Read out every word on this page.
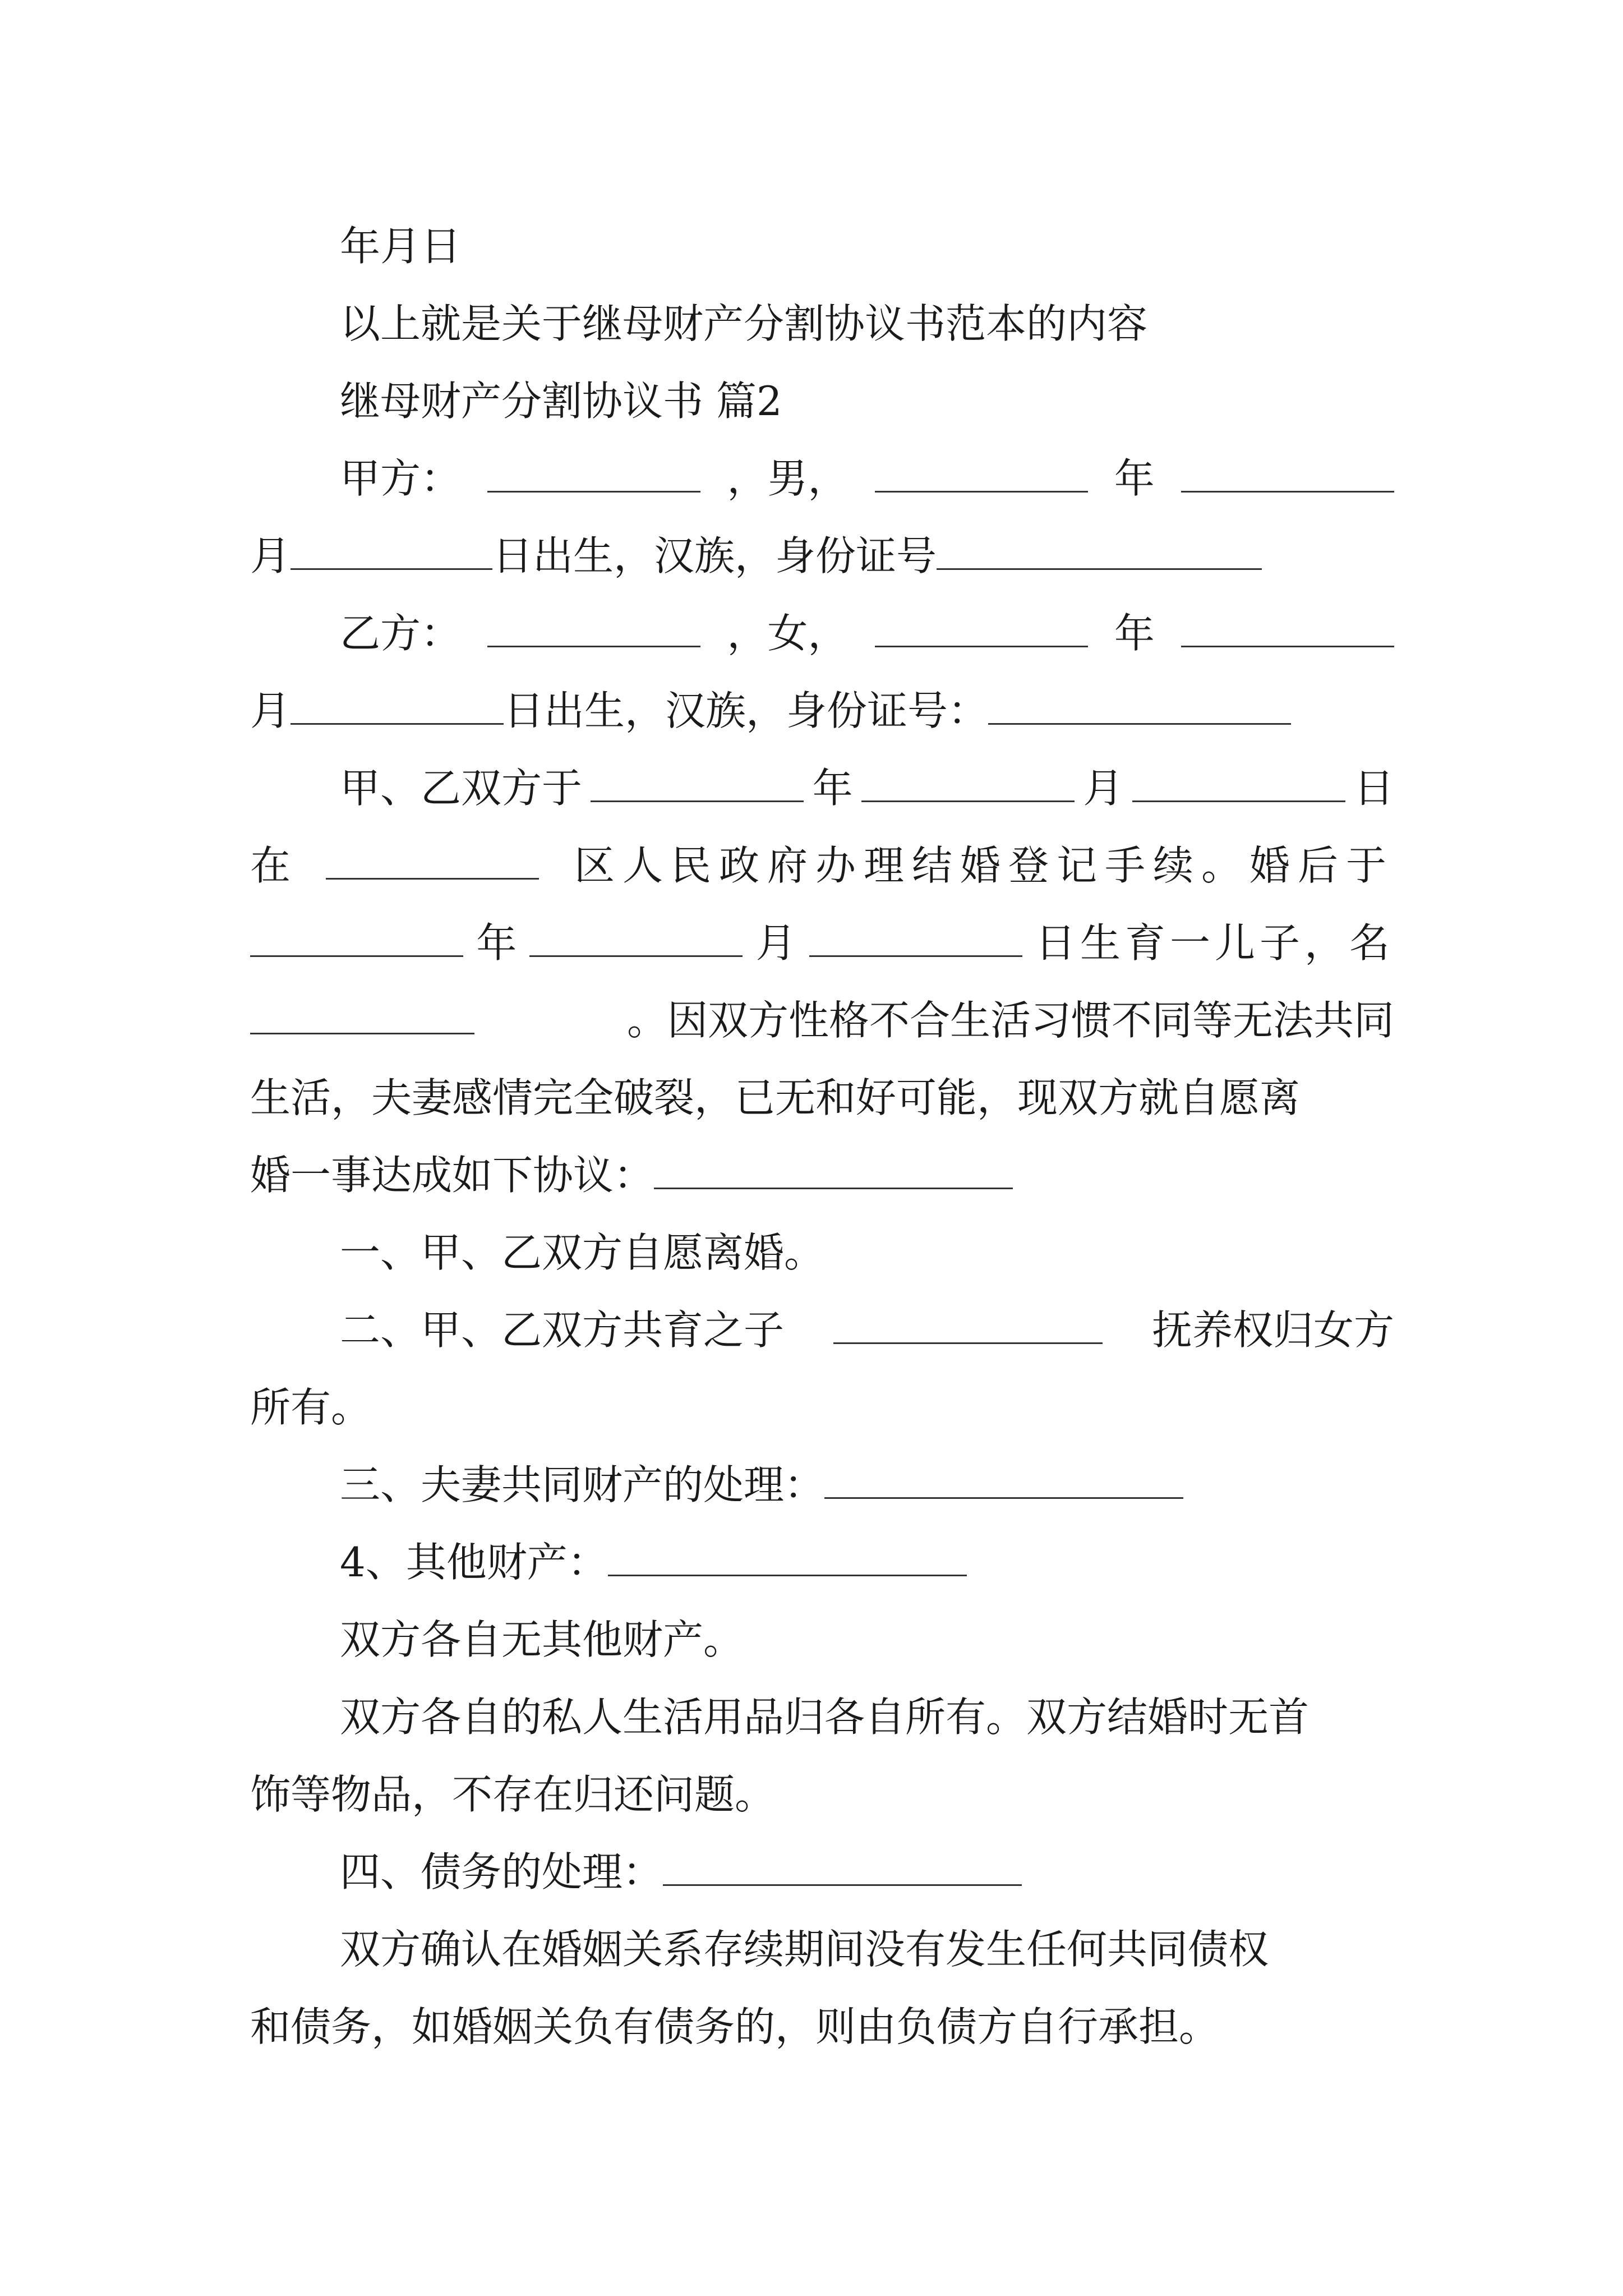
年月日
以上就是关于继母财产分割协议书范本的内容
继母财产分割协议书 篇2
甲方：	，男，	年
月	日出生，汉族，身份证号
乙方：	，女，	年
月	日出生，汉族，身份证号：
甲、乙双方于	年	月	日
在	区人民政府办理结婚登记手续。婚后于
年	月	日生育一儿子，名
。因双方性格不合生活习惯不同等无法共同
生活，夫妻感情完全破裂，已无和好可能，现双方就自愿离
婚一事达成如下协议：
一、甲、乙双方自愿离婚。
二、甲、乙双方共育之子	抚养权归女方
所有。
三、夫妻共同财产的处理：
4、其他财产：
双方各自无其他财产。
双方各自的私人生活用品归各自所有。双方结婚时无首
饰等物品，不存在归还问题。
四、债务的处理：
双方确认在婚姻关系存续期间没有发生任何共同债权
和债务，如婚姻关负有债务的，则由负债方自行承担。
